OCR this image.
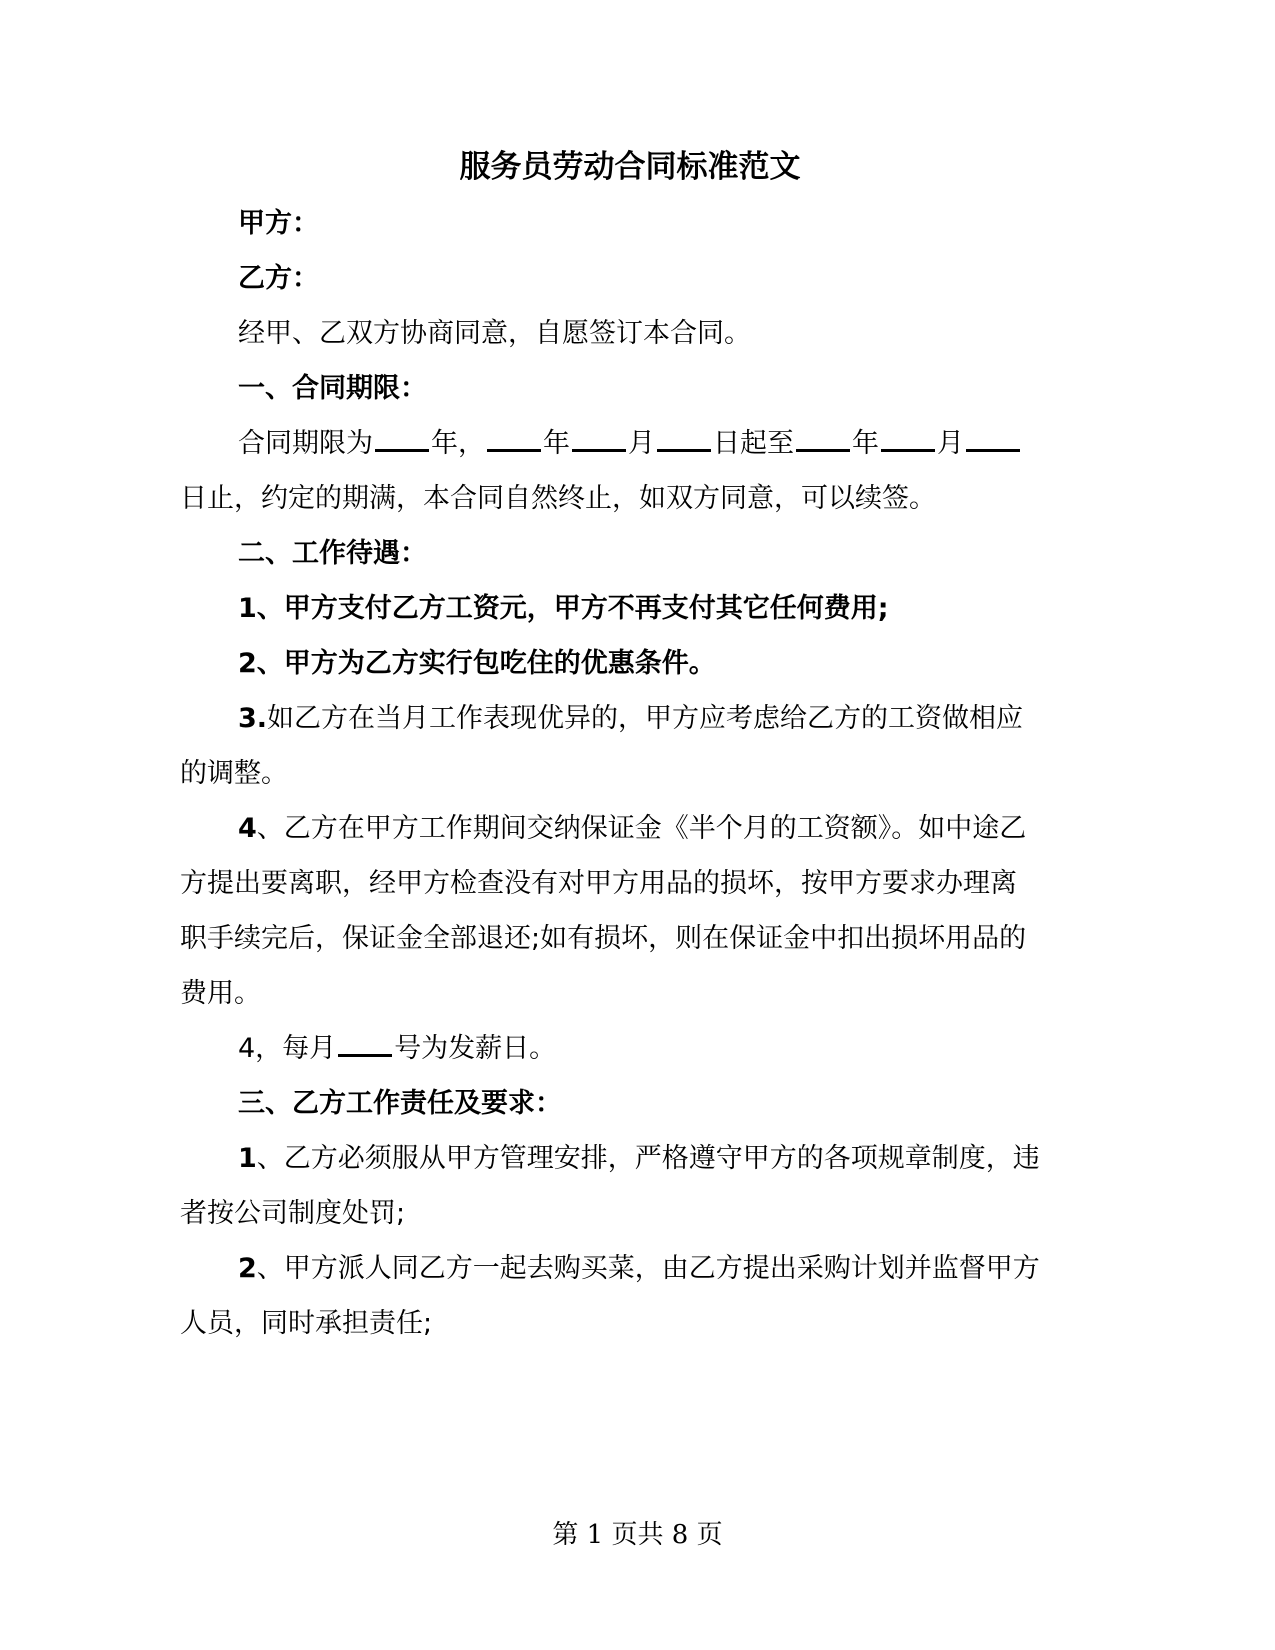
服务员劳动合同标准范文

甲方：

乙方：

经甲、乙双方协商同意，自愿签订本合同。

一、合同期限：

合同期限为 年， 年 月 日起至 年 月日止，约定的期满，本合同自然终止，如双方同意，可以续签。

二、工作待遇：

1、甲方支付乙方工资元，甲方不再支付其它任何费用;

2、甲方为乙方实行包吃住的优惠条件。

3.如乙方在当月工作表现优异的，甲方应考虑给乙方的工资做相应的调整。

4、乙方在甲方工作期间交纳保证金《半个月的工资额》。如中途乙方提出要离职，经甲方检查没有对甲方用品的损坏，按甲方要求办理离职手续完后，保证金全部退还;如有损坏，则在保证金中扣出损坏用品的费用。

4，每月 号为发薪日。

三、乙方工作责任及要求：

1、乙方必须服从甲方管理安排，严格遵守甲方的各项规章制度，违者按公司制度处罚;

2、甲方派人同乙方一起去购买菜，由乙方提出采购计划并监督甲方人员，同时承担责任;

第 1 页共 8 页
